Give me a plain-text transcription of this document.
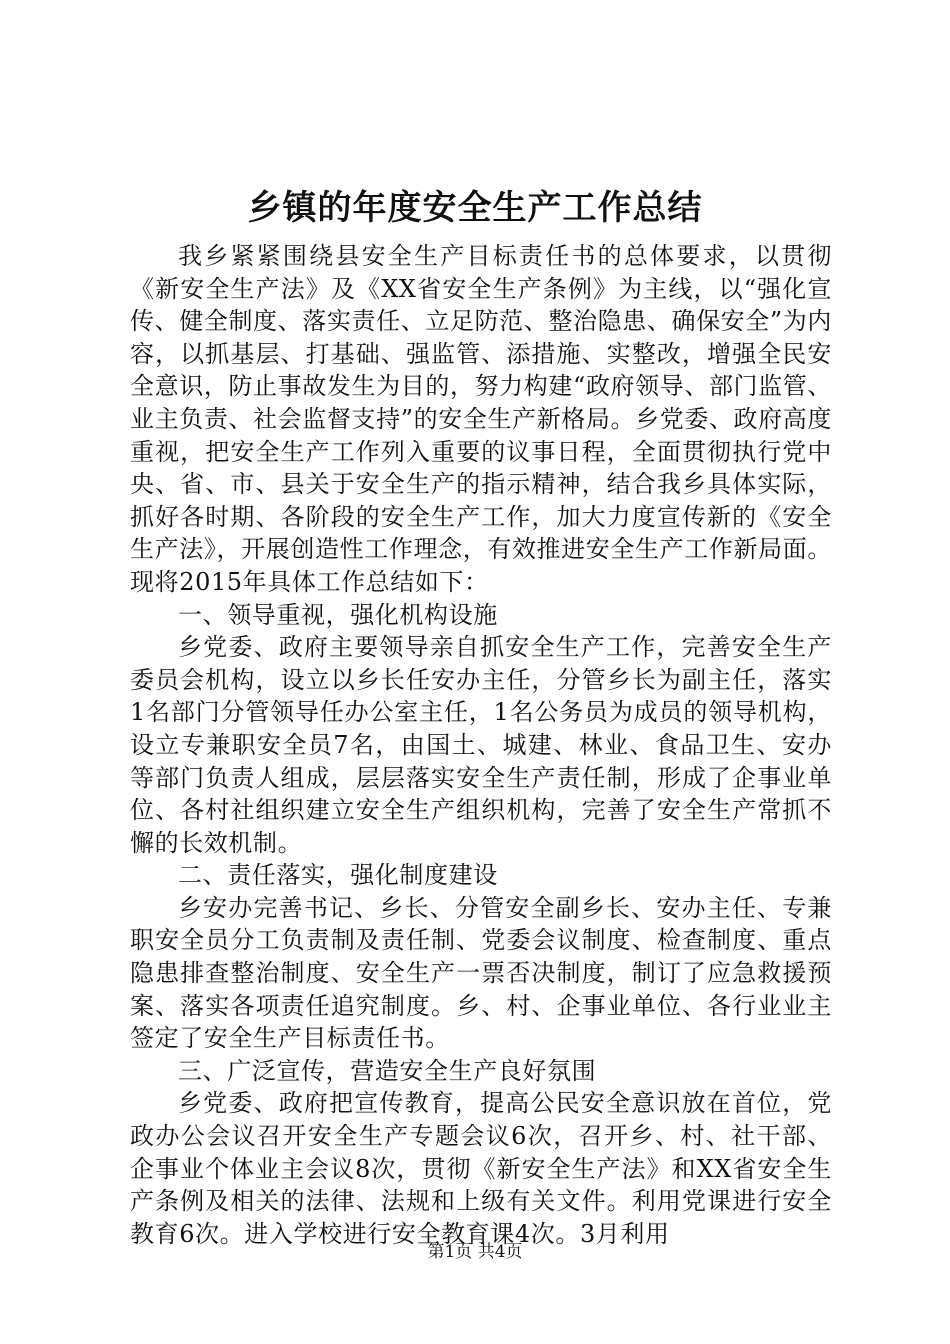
乡镇的年度安全生产工作总结

我乡紧紧围绕县安全生产目标责任书的总体要求，以贯彻《新安全生产法》及《XX省安全生产条例》为主线，以“强化宣传、健全制度、落实责任、立足防范、整治隐患、确保安全”为内容，以抓基层、打基础、强监管、添措施、实整改，增强全民安全意识，防止事故发生为目的，努力构建“政府领导、部门监管、业主负责、社会监督支持”的安全生产新格局。乡党委、政府高度重视，把安全生产工作列入重要的议事日程，全面贯彻执行党中央、省、市、县关于安全生产的指示精神，结合我乡具体实际，抓好各时期、各阶段的安全生产工作，加大力度宣传新的《安全生产法》，开展创造性工作理念，有效推进安全生产工作新局面。现将2015年具体工作总结如下：

一、领导重视，强化机构设施

乡党委、政府主要领导亲自抓安全生产工作，完善安全生产委员会机构，设立以乡长任安办主任，分管乡长为副主任，落实1名部门分管领导任办公室主任，1名公务员为成员的领导机构，设立专兼职安全员7名，由国土、城建、林业、食品卫生、安办等部门负责人组成，层层落实安全生产责任制，形成了企事业单位、各村社组织建立安全生产组织机构，完善了安全生产常抓不懈的长效机制。

二、责任落实，强化制度建设

乡安办完善书记、乡长、分管安全副乡长、安办主任、专兼职安全员分工负责制及责任制、党委会议制度、检查制度、重点隐患排查整治制度、安全生产一票否决制度，制订了应急救援预案、落实各项责任追究制度。乡、村、企事业单位、各行业业主签定了安全生产目标责任书。

三、广泛宣传，营造安全生产良好氛围

乡党委、政府把宣传教育，提高公民安全意识放在首位，党政办公会议召开安全生产专题会议6次，召开乡、村、社干部、企事业个体业主会议8次，贯彻《新安全生产法》和XX省安全生产条例及相关的法律、法规和上级有关文件。利用党课进行安全教育6次。进入学校进行安全教育课4次。3月利用

第1页 共4页
